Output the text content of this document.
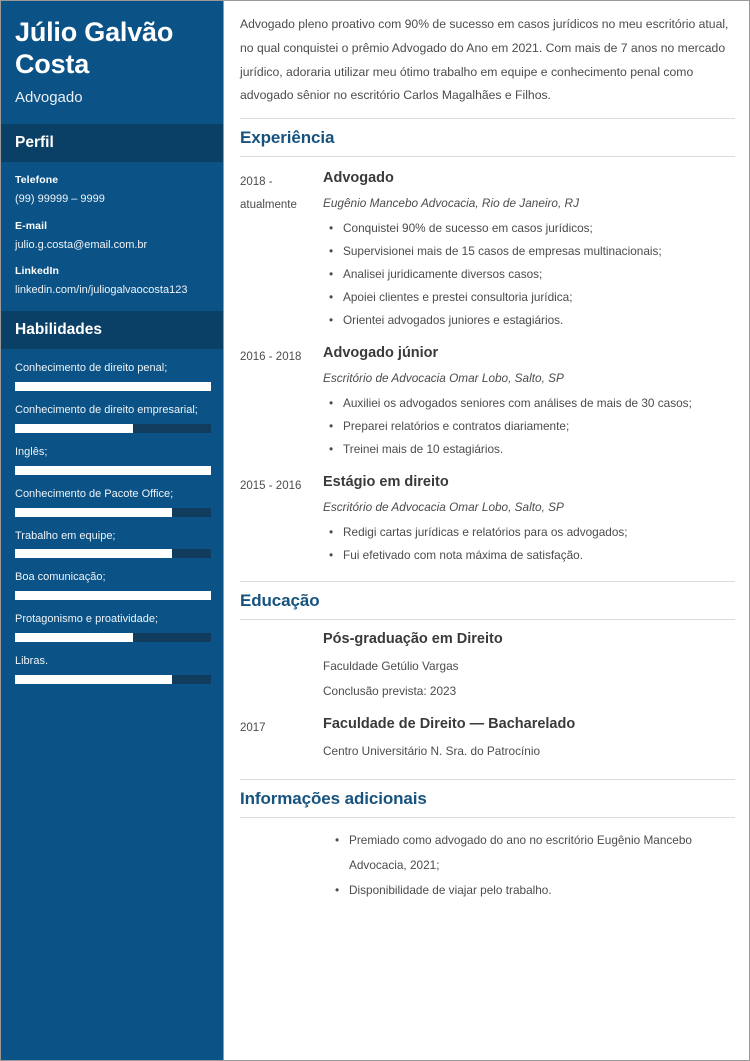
Júlio Galvão Costa
Advogado
Perfil
Telefone
(99) 99999 – 9999
E-mail
julio.g.costa@email.com.br
LinkedIn
linkedin.com/in/juliogalvaocosta123
Habilidades
Conhecimento de direito penal;
Conhecimento de direito empresarial;
Inglês;
Conhecimento de Pacote Office;
Trabalho em equipe;
Boa comunicação;
Protagonismo e proatividade;
Libras.

Advogado pleno proativo com 90% de sucesso em casos jurídicos no meu escritório atual, no qual conquistei o prêmio Advogado do Ano em 2021. Com mais de 7 anos no mercado jurídico, adoraria utilizar meu ótimo trabalho em equipe e conhecimento penal como advogado sênior no escritório Carlos Magalhães e Filhos.

Experiência
2018 - atualmente
Advogado

Eugênio Mancebo Advocacia, Rio de Janeiro, RJ

• Conquistei 90% de sucesso em casos jurídicos;
• Supervisionei mais de 15 casos de empresas multinacionais;
• Analisei juridicamente diversos casos;
• Apoiei clientes e prestei consultoria jurídica;
• Orientei advogados juniores e estagiários.
2016 - 2018	Advogado júnior

Escritório de Advocacia Omar Lobo, Salto, SP

• Auxiliei os advogados seniores com análises de mais de 30 casos;
• Preparei relatórios e contratos diariamente;
• Treinei mais de 10 estagiários.
2015 - 2016	Estágio em direito

Escritório de Advocacia Omar Lobo, Salto, SP

• Redigi cartas jurídicas e relatórios para os advogados;
• Fui efetivado com nota máxima de satisfação.
Educação
Pós-graduação em Direito

Faculdade Getúlio Vargas

Conclusão prevista: 2023

2017	Faculdade de Direito — Bacharelado

Centro Universitário N. Sra. do Patrocínio

Informações adicionais
• Premiado como advogado do ano no escritório Eugênio Mancebo Advocacia, 2021;
• Disponibilidade de viajar pelo trabalho.
